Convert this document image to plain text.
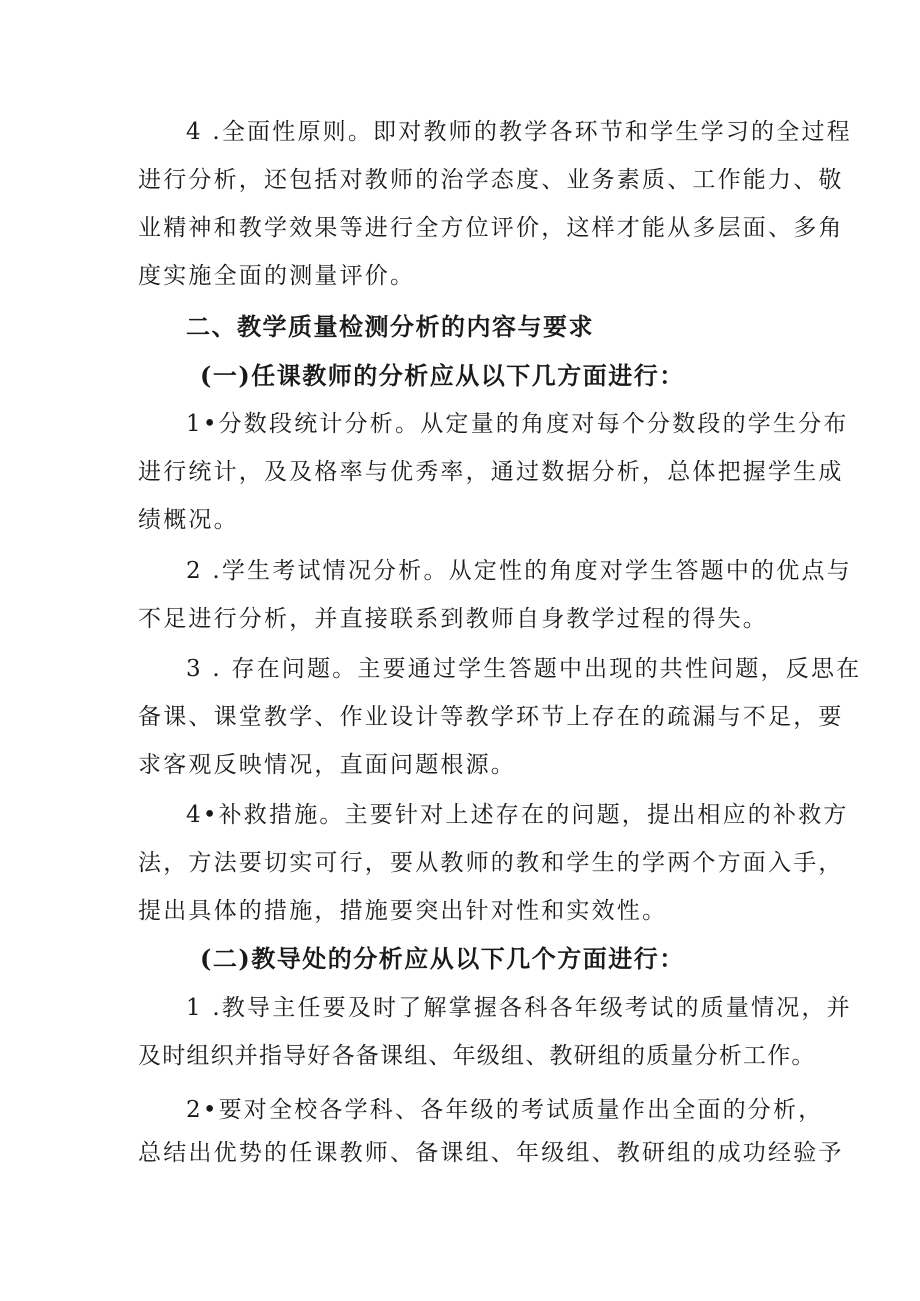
4 .全面性原则。即对教师的教学各环节和学生学习的全过程
进行分析，还包括对教师的治学态度、业务素质、工作能力、敬
业精神和教学效果等进行全方位评价，这样才能从多层面、多角
度实施全面的测量评价。
二、教学质量检测分析的内容与要求
(一)任课教师的分析应从以下几方面进行：
1•分数段统计分析。从定量的角度对每个分数段的学生分布
进行统计，及及格率与优秀率，通过数据分析，总体把握学生成
绩概况。
2 .学生考试情况分析。从定性的角度对学生答题中的优点与
不足进行分析，并直接联系到教师自身教学过程的得失。
3 . 存在问题。主要通过学生答题中出现的共性问题，反思在
备课、课堂教学、作业设计等教学环节上存在的疏漏与不足，要
求客观反映情况，直面问题根源。
4•补救措施。主要针对上述存在的问题，提出相应的补救方
法，方法要切实可行，要从教师的教和学生的学两个方面入手，
提出具体的措施，措施要突出针对性和实效性。
(二)教导处的分析应从以下几个方面进行：
1 .教导主任要及时了解掌握各科各年级考试的质量情况，并
及时组织并指导好各备课组、年级组、教研组的质量分析工作。
2•要对全校各学科、各年级的考试质量作出全面的分析，
总结出优势的任课教师、备课组、年级组、教研组的成功经验予
